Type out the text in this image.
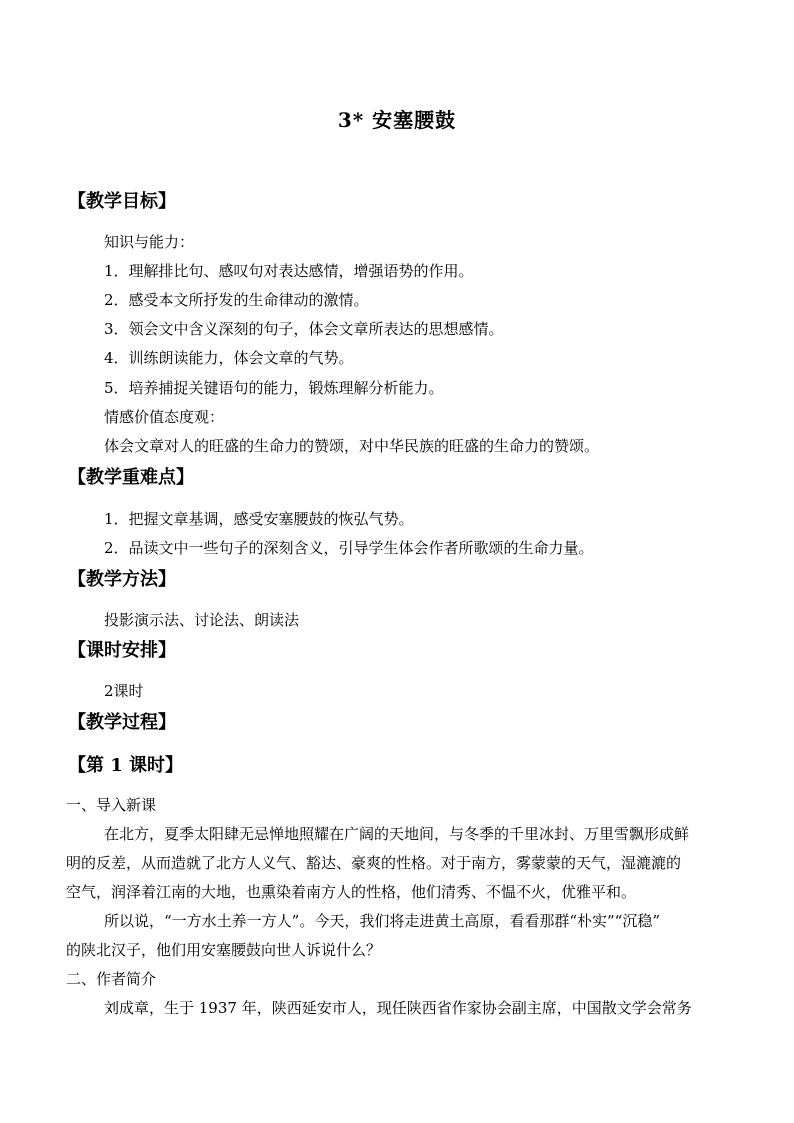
3* 安塞腰鼓
【教学目标】
知识与能力：
1．理解排比句、感叹句对表达感情，增强语势的作用。
2．感受本文所抒发的生命律动的激情。
3．领会文中含义深刻的句子，体会文章所表达的思想感情。
4．训练朗读能力，体会文章的气势。
5．培养捕捉关键语句的能力，锻炼理解分析能力。
情感价值态度观：
体会文章对人的旺盛的生命力的赞颂，对中华民族的旺盛的生命力的赞颂。
【教学重难点】
1．把握文章基调，感受安塞腰鼓的恢弘气势。
2．品读文中一些句子的深刻含义，引导学生体会作者所歌颂的生命力量。
【教学方法】
投影演示法、讨论法、朗读法
【课时安排】
2课时
【教学过程】
【第 1 课时】
一、导入新课
在北方，夏季太阳肆无忌惮地照耀在广阔的天地间，与冬季的千里冰封、万里雪飘形成鲜
明的反差，从而造就了北方人义气、豁达、豪爽的性格。对于南方，雾蒙蒙的天气，湿漉漉的
空气，润泽着江南的大地，也熏染着南方人的性格，他们清秀、不愠不火，优雅平和。
所以说，“一方水土养一方人”。今天，我们将走进黄土高原，看看那群“朴实”“沉稳”
的陕北汉子，他们用安塞腰鼓向世人诉说什么？
二、作者简介
刘成章，生于 1937 年，陕西延安市人，现任陕西省作家协会副主席，中国散文学会常务
